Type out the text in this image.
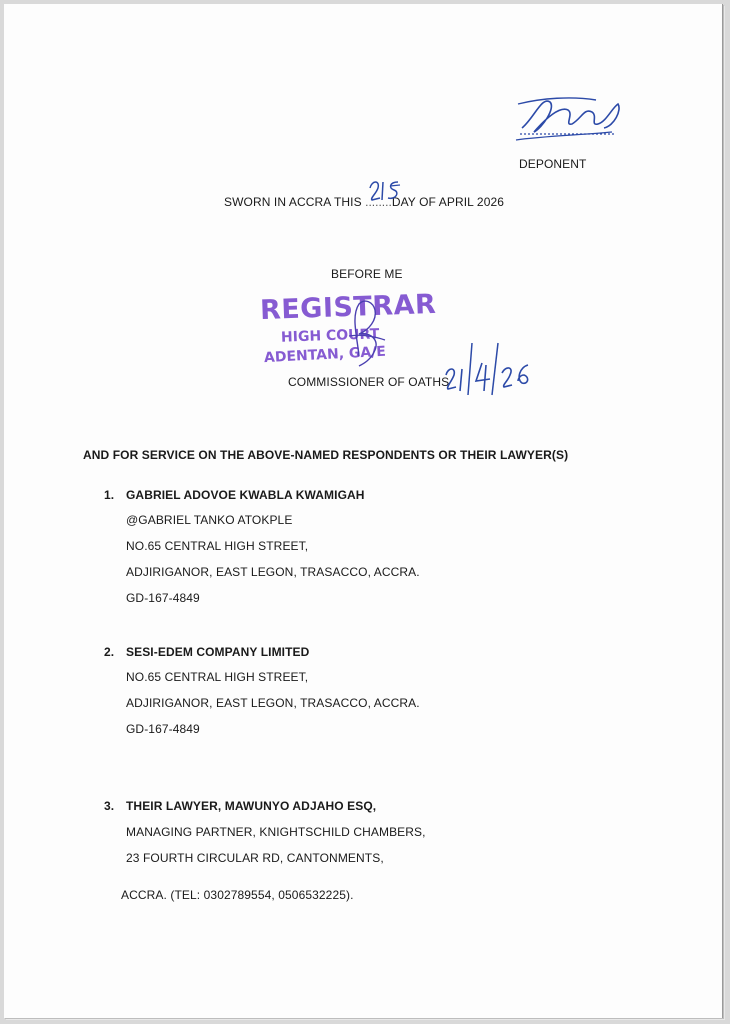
DEPONENT
SWORN IN ACCRA THIS ........DAY OF APRIL 2026
BEFORE ME
REGISTRAR
HIGH COURT
ADENTAN, GA/E
COMMISSIONER OF OATHS
AND FOR SERVICE ON THE ABOVE-NAMED RESPONDENTS OR THEIR LAWYER(S)
1. GABRIEL ADOVOE KWABLA KWAMIGAH
@GABRIEL TANKO ATOKPLE
NO.65 CENTRAL HIGH STREET,
ADJIRIGANOR, EAST LEGON, TRASACCO, ACCRA.
GD-167-4849
2. SESI-EDEM COMPANY LIMITED
NO.65 CENTRAL HIGH STREET,
ADJIRIGANOR, EAST LEGON, TRASACCO, ACCRA.
GD-167-4849
3. THEIR LAWYER, MAWUNYO ADJAHO ESQ,
MANAGING PARTNER, KNIGHTSCHILD CHAMBERS,
23 FOURTH CIRCULAR RD, CANTONMENTS,
ACCRA. (TEL: 0302789554, 0506532225).
